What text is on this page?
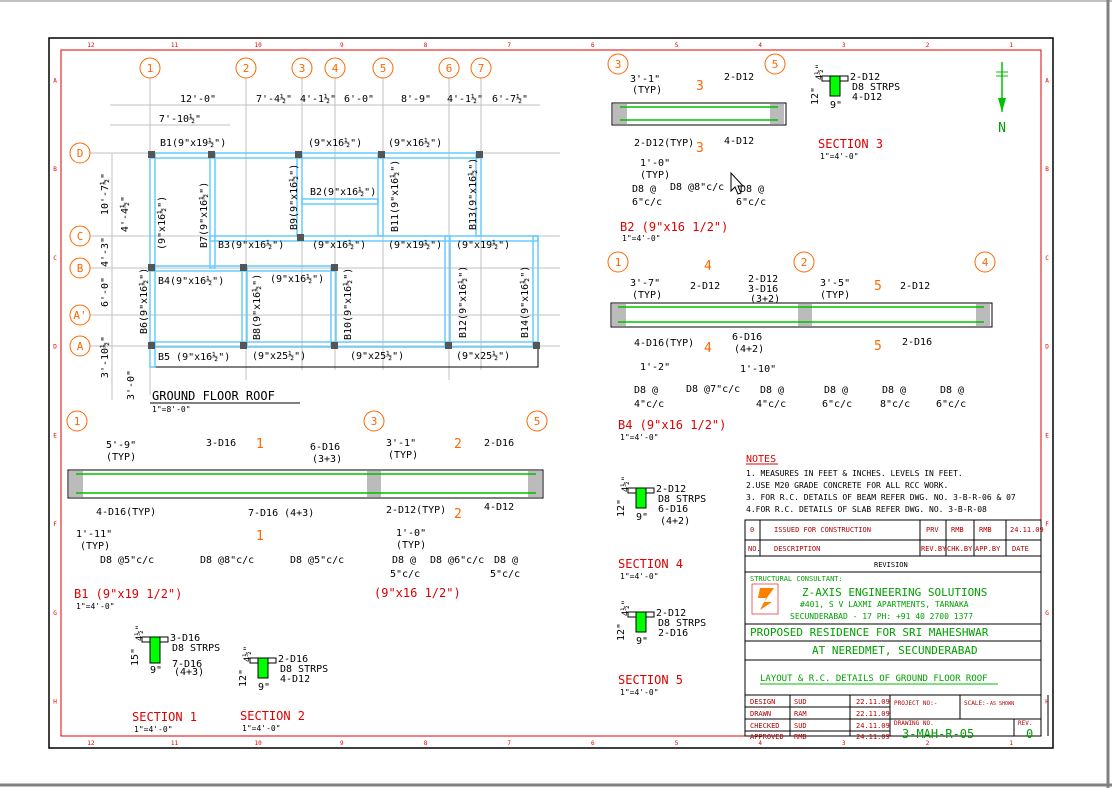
12
12
11
11
10
10
9
9
8
8
7
7
6
6
5
5
4
4
3
3
2
2
1
1
A	A
B	B
C	C
D	D
E	E
F	F
G	G
H	H
1	2	3 4	5	6 7
D
C
B
A'
A
12'-0"	7'-4½" 4'-1½" 6'-0"	8'-9" 4'-1½" 6'-7½"
7'-10½"
10'-7½" 4'-4½"
4'-3"
6'-0"
3'-10½"
3'-0"
B1(9"x19½")	(9"x16½")	(9"x16½")
B2(9"x16½")
B3(9"x16½")	(9"x16½") (9"x19½") (9"x19½")
B4(9"x16½")	(9"x16½")
B5 (9"x16½") (9"x25½")	(9"x25½")	(9"x25½")
B6(9"x16½")
B7(9"x16½")
(9"x16½")
B8(9"x16½")
B9(9"x16½")
B10(9"x16½")
B11(9"x16½")
B12(9"x16½")
B13(9"x16½")
B14(9"x16½")
GROUND FLOOR ROOF
1"=8'-0"
3	5
3'-1"
(TYP)
2-D12
2-D12(TYP)	4-D12
1'-0"
(TYP)
D8 @
6"c/c
D8 @8"c/c D8 @
6"c/c
3
3
B2 (9"x16 1/2")
1"=4'-0"
1	2	4
3'-7"
(TYP)
2-D12
2-D12
3-D16
(3+2)
3'-5"
(TYP)
2-D12
4-D16(TYP)
6-D16
(4+2)
2-D16
1'-2"	1'-10"
D8 @
4"c/c
D8 @7"c/c D8 @
4"c/c
D8 @
6"c/c
D8 @
8"c/c
D8 @
6"c/c
4
4
5
5
B4 (9"x16 1/2")
1"=4'-0"
1	3	5
5'-9"
(TYP)
3-D16	6-D16
(3+3)
3'-1"
(TYP)
2-D16
4-D16(TYP)	7-D16 (4+3)	2-D12(TYP)	4-D12
1'-11"
(TYP)
1'-0"
(TYP)
D8 @5"c/c	D8 @8"c/c	D8 @5"c/c	D8 @
5"c/c
D8 @6"c/c D8 @
5"c/c
1
1
2
2
B1 (9"x19 1/2")
1"=4'-0"
(9"x16 1/2")
3-D16
D8 STRPS
7-D16
(4+3)
15"
4½"
9"
SECTION 1
1"=4'-0"
2-D16
D8 STRPS
4-D12
12"
4½"
9"
SECTION 2
1"=4'-0"
2-D12
D8 STRPS
4-D12
12"
4½"
9"
SECTION 3
1"=4'-0"
2-D12
D8 STRPS
6-D16
(4+2)
12"
4½"
9"
SECTION 4
1"=4'-0"
2-D12
D8 STRPS
2-D16
12"
4½"
9"
SECTION 5
1"=4'-0"
N
NOTES
1. MEASURES IN FEET & INCHES. LEVELS IN FEET.
2.USE M20 GRADE CONCRETE FOR ALL RCC WORK.
3. FOR R.C. DETAILS OF BEAM REFER DWG. NO. 3-B-R-06 & 07
4.FOR R.C. DETAILS OF SLAB REFER DWG. NO. 3-B-R-08
0	ISSUED FOR CONSTRUCTION	PRV RMB RMB	24.11.09
NO. DESCRIPTION	REV.BY CHK.BY APP.BY DATE
REVISION
STRUCTURAL CONSULTANT:
Z-AXIS ENGINEERING SOLUTIONS
#401, S V LAXMI APARTMENTS, TARNAKA
SECUNDERABAD - 17 PH: +91 40 2700 1377
PROPOSED RESIDENCE FOR SRI MAHESHWAR
AT NEREDMET, SECUNDERABAD
LAYOUT & R.C. DETAILS OF GROUND FLOOR ROOF
DESIGN	SUD	22.11.09
DRAWN	RAM	22.11.09
CHECKED SUD	24.11.09
APPROVED RMB	24.11.09
PROJECT NO:-	SCALE:- AS SHOWN
DRAWING NO.	REV.
3-MAH-R-05	0
